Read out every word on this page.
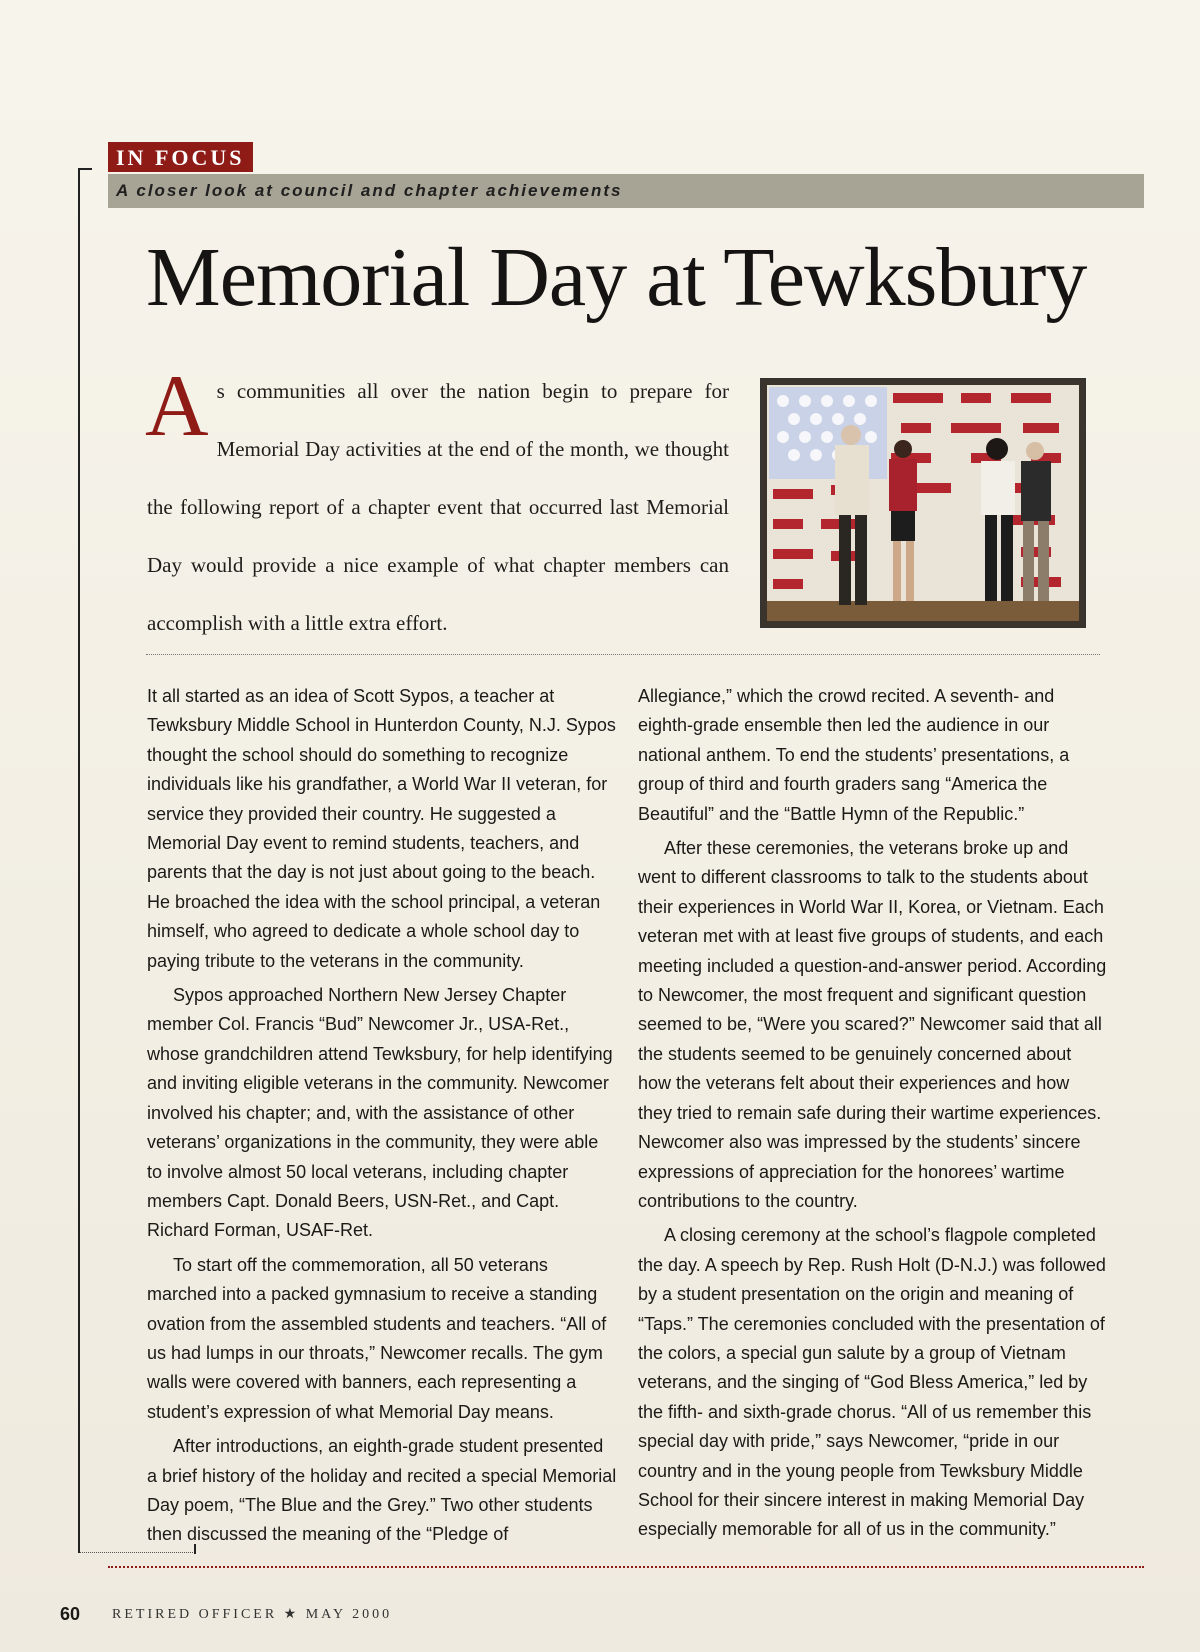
IN FOCUS
A closer look at council and chapter achievements
Memorial Day at Tewksbury
A s communities all over the nation begin to prepare for Memorial Day activities at the end of the month, we thought the following report of a chapter event that occurred last Memorial Day would provide a nice example of what chapter members can accomplish with a little extra effort.

It all started as an idea of Scott Sypos, a teacher at Tewksbury Middle School in Hunterdon County, N.J. Sypos thought the school should do something to recognize individuals like his grandfather, a World War II veteran, for service they provided their country. He suggested a Memorial Day event to remind students, teachers, and parents that the day is not just about going to the beach. He broached the idea with the school principal, a veteran himself, who agreed to dedicate a whole school day to paying tribute to the veterans in the community.

Sypos approached Northern New Jersey Chapter member Col. Francis “Bud” Newcomer Jr., USA-Ret., whose grandchildren attend Tewksbury, for help identifying and inviting eligible veterans in the community. Newcomer involved his chapter; and, with the assistance of other veterans’ organizations in the community, they were able to involve almost 50 local veterans, including chapter members Capt. Donald Beers, USN-Ret., and Capt. Richard Forman, USAF-Ret.

To start off the commemoration, all 50 veterans marched into a packed gymnasium to receive a standing ovation from the assembled students and teachers. “All of us had lumps in our throats,” Newcomer recalls. The gym walls were covered with banners, each representing a student’s expression of what Memorial Day means.

After introductions, an eighth-grade student presented a brief history of the holiday and recited a special Memorial Day poem, “The Blue and the Grey.” Two other students then discussed the meaning of the “Pledge of

Allegiance,” which the crowd recited. A seventh- and eighth-grade ensemble then led the audience in our national anthem. To end the students’ presentations, a group of third and fourth graders sang “America the Beautiful” and the “Battle Hymn of the Republic.”

After these ceremonies, the veterans broke up and went to different classrooms to talk to the students about their experiences in World War II, Korea, or Vietnam. Each veteran met with at least five groups of students, and each meeting included a question-and-answer period. According to Newcomer, the most frequent and significant question seemed to be, “Were you scared?” Newcomer said that all the students seemed to be genuinely concerned about how the veterans felt about their experiences and how they tried to remain safe during their wartime experiences. Newcomer also was impressed by the students’ sincere expressions of appreciation for the honorees’ wartime contributions to the country.

A closing ceremony at the school’s flagpole completed the day. A speech by Rep. Rush Holt (D-N.J.) was followed by a student presentation on the origin and meaning of “Taps.” The ceremonies concluded with the presentation of the colors, a special gun salute by a group of Vietnam veterans, and the singing of “God Bless America,” led by the fifth- and sixth-grade chorus. “All of us remember this special day with pride,” says Newcomer, “pride in our country and in the young people from Tewksbury Middle School for their sincere interest in making Memorial Day especially memorable for all of us in the community.”

60 RETIRED OFFICER ★ MAY 2000
